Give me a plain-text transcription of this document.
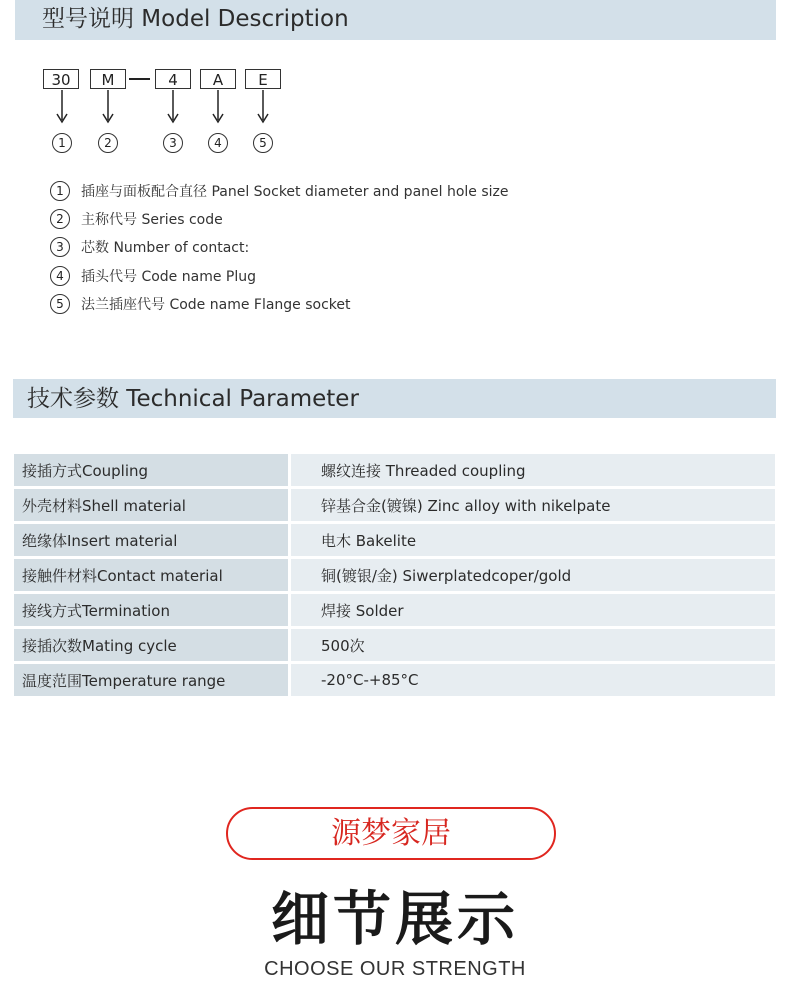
型号说明 Model Description
30	M	4	A	E
1	2	3	4	5
1	插座与面板配合直径 Panel Socket diameter and panel hole size
2	主称代号 Series code
3	芯数 Number of contact:
4	插头代号 Code name Plug
5	法兰插座代号 Code name Flange socket
技术参数 Technical Parameter
接插方式Coupling		螺纹连接 Threaded coupling
外壳材料Shell material		锌基合金(镀镍) Zinc alloy with nikelpate
绝缘体Insert material		电木 Bakelite
接触件材料Contact material		铜(镀银/金) Siwerplatedcoper/gold
接线方式Termination		焊接 Solder
接插次数Mating cycle		500次
温度范围Temperature range		-20°C-+85°C
源梦家居
细节展示
CHOOSE OUR STRENGTH
